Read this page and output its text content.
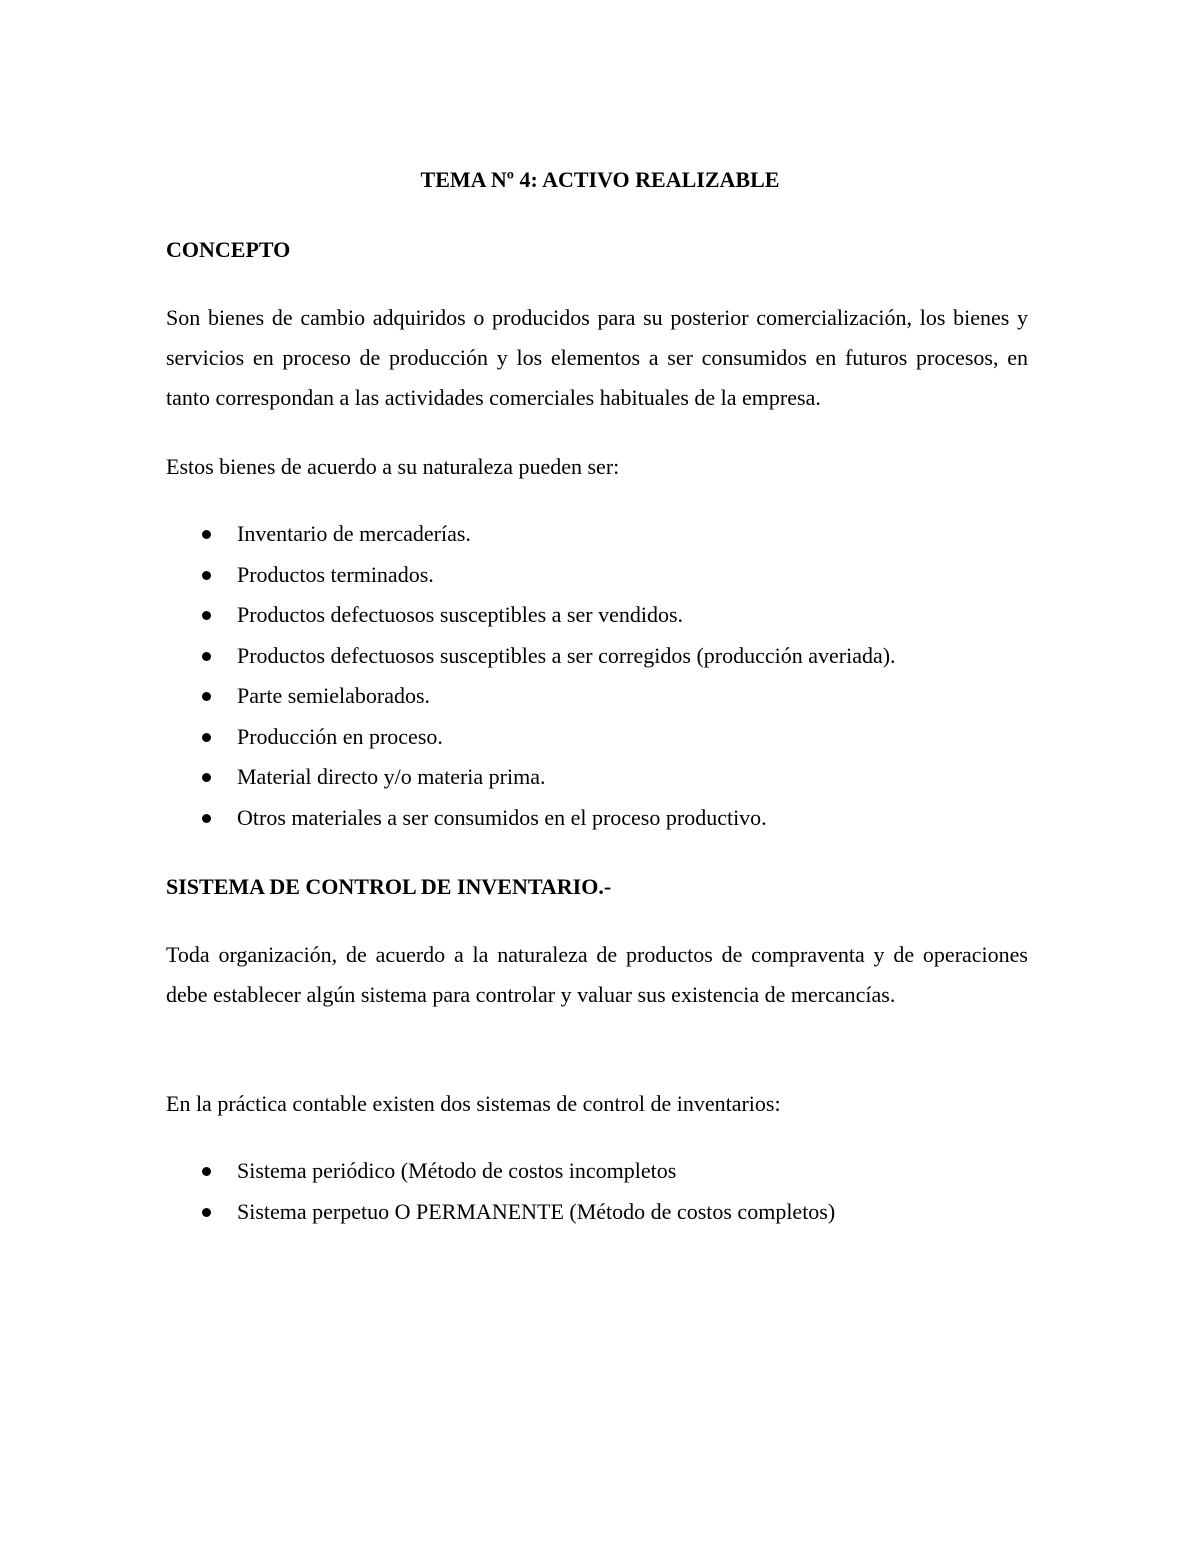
TEMA Nº 4: ACTIVO REALIZABLE

CONCEPTO

Son bienes de cambio adquiridos o producidos para su posterior comercialización, los bienes y servicios en proceso de producción y los elementos a ser consumidos en futuros procesos, en tanto correspondan a las actividades comerciales habituales de la empresa.

Estos bienes de acuerdo a su naturaleza pueden ser:

Inventario de mercaderías.
Productos terminados.
Productos defectuosos susceptibles a ser vendidos.
Productos defectuosos susceptibles a ser corregidos (producción averiada).
Parte semielaborados.
Producción en proceso.
Material directo y/o materia prima.
Otros materiales a ser consumidos en el proceso productivo.

SISTEMA DE CONTROL DE INVENTARIO.-

Toda organización, de acuerdo a la naturaleza de productos de compraventa y de operaciones debe establecer algún sistema para controlar y valuar sus existencia de mercancías.

En la práctica contable existen dos sistemas de control de inventarios:

Sistema periódico (Método de costos incompletos
Sistema perpetuo O PERMANENTE (Método de costos completos)
